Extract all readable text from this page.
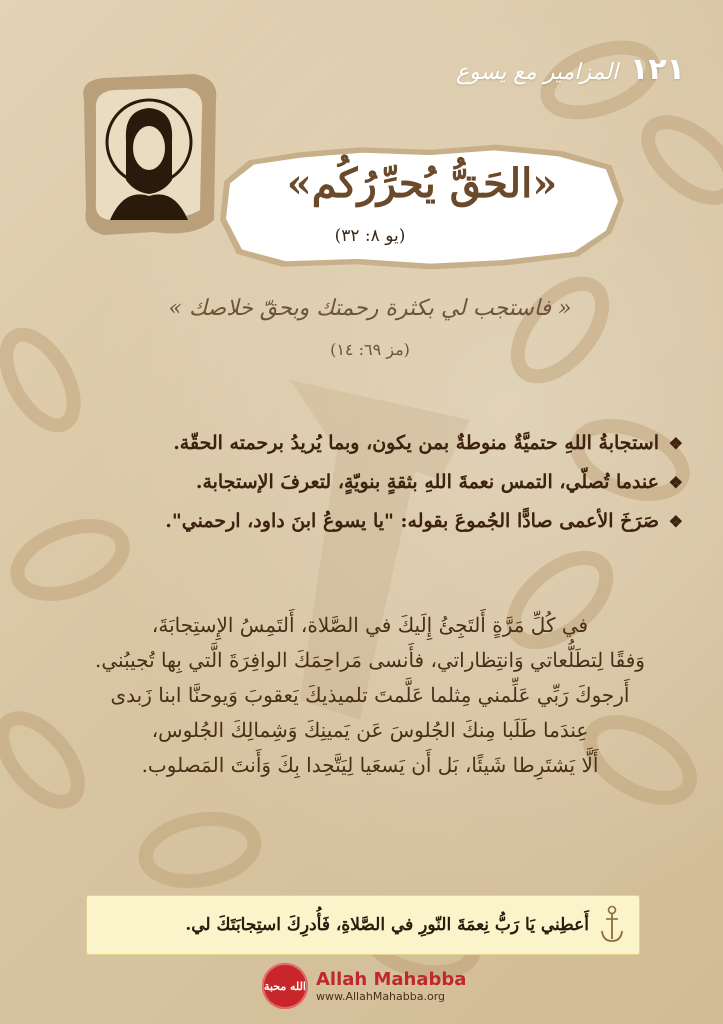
١٢١
المزامير مع يسوع
«الحَقُّ يُحرِّرُكُم»
(يو ٨: ٣٢)
« فاستجب لي بكثرة رحمتك وبحقّ خلاصك »
(مز ٦٩: ١٤)
❖استجابةُ اللهِ حتميَّةٌ منوطةٌ بمن يكون، وبما يُريدُ برحمته الحقّة.
❖عندما تُصلّي، التمس نعمةَ اللهِ بثقةٍ بنويّةٍ، لتعرفَ الإستجابة.
❖صَرَخَ الأعمى صادًّا الجُموعَ بقوله: "يا يسوعُ ابنَ داود، ارحمني".

في كُلِّ مَرَّةٍ أَلتَجِئُ إِلَيكَ في الصَّلاة، أَلتَمِسُ الإِستِجابَةَ،

وَفقًا لِتطَلُّعاتي وَانتِظاراتي، فأَنسى مَراحِمَكَ الوافِرَةَ الَّتي بِها تُجيبُني.

أَرجوكَ رَبِّي عَلِّمني مِثلما عَلَّمتَ تلميذيكَ يَعقوبَ وَيوحنَّا ابنا زَبدى

عِندَما طَلَبا مِنكَ الجُلوسَ عَن يَمينِكَ وَشِمالِكَ الجُلوس،

أَلَّا يَشتَرِطا شَيئًا، بَل أَن يَسعَيا لِيَتَّحِدا بِكَ وَأَنتَ المَصلوب.

أَعطِني يَا رَبُّ نِعمَةَ النّورِ في الصَّلاةِ، فَأُدرِكَ استِجابَتَكَ لي.
الله محبة Allah Mahabba
www.AllahMahabba.org
